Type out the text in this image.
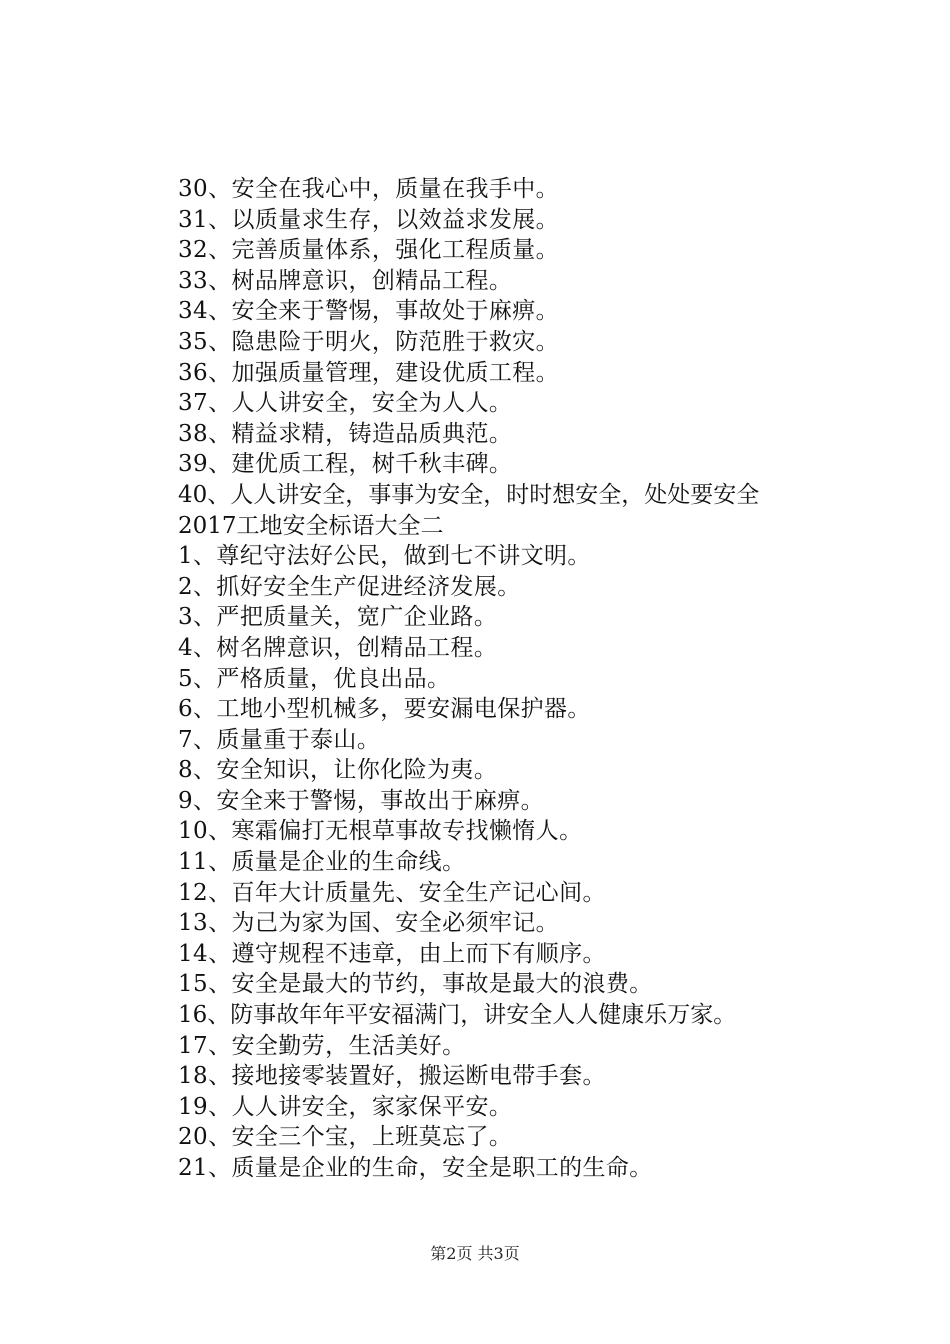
30、安全在我心中，质量在我手中。
31、以质量求生存，以效益求发展。
32、完善质量体系，强化工程质量。
33、树品牌意识，创精品工程。
34、安全来于警惕，事故处于麻痹。
35、隐患险于明火，防范胜于救灾。
36、加强质量管理，建设优质工程。
37、人人讲安全，安全为人人。
38、精益求精，铸造品质典范。
39、建优质工程，树千秋丰碑。
40、人人讲安全，事事为安全，时时想安全，处处要安全
2017工地安全标语大全二
1、尊纪守法好公民，做到七不讲文明。
2、抓好安全生产促进经济发展。
3、严把质量关，宽广企业路。
4、树名牌意识，创精品工程。
5、严格质量，优良出品。
6、工地小型机械多，要安漏电保护器。
7、质量重于泰山。
8、安全知识，让你化险为夷。
9、安全来于警惕，事故出于麻痹。
10、寒霜偏打无根草事故专找懒惰人。
11、质量是企业的生命线。
12、百年大计质量先、安全生产记心间。
13、为己为家为国、安全必须牢记。
14、遵守规程不违章，由上而下有顺序。
15、安全是最大的节约，事故是最大的浪费。
16、防事故年年平安福满门，讲安全人人健康乐万家。
17、安全勤劳，生活美好。
18、接地接零装置好，搬运断电带手套。
19、人人讲安全，家家保平安。
20、安全三个宝，上班莫忘了。
21、质量是企业的生命，安全是职工的生命。
第2页 共3页
